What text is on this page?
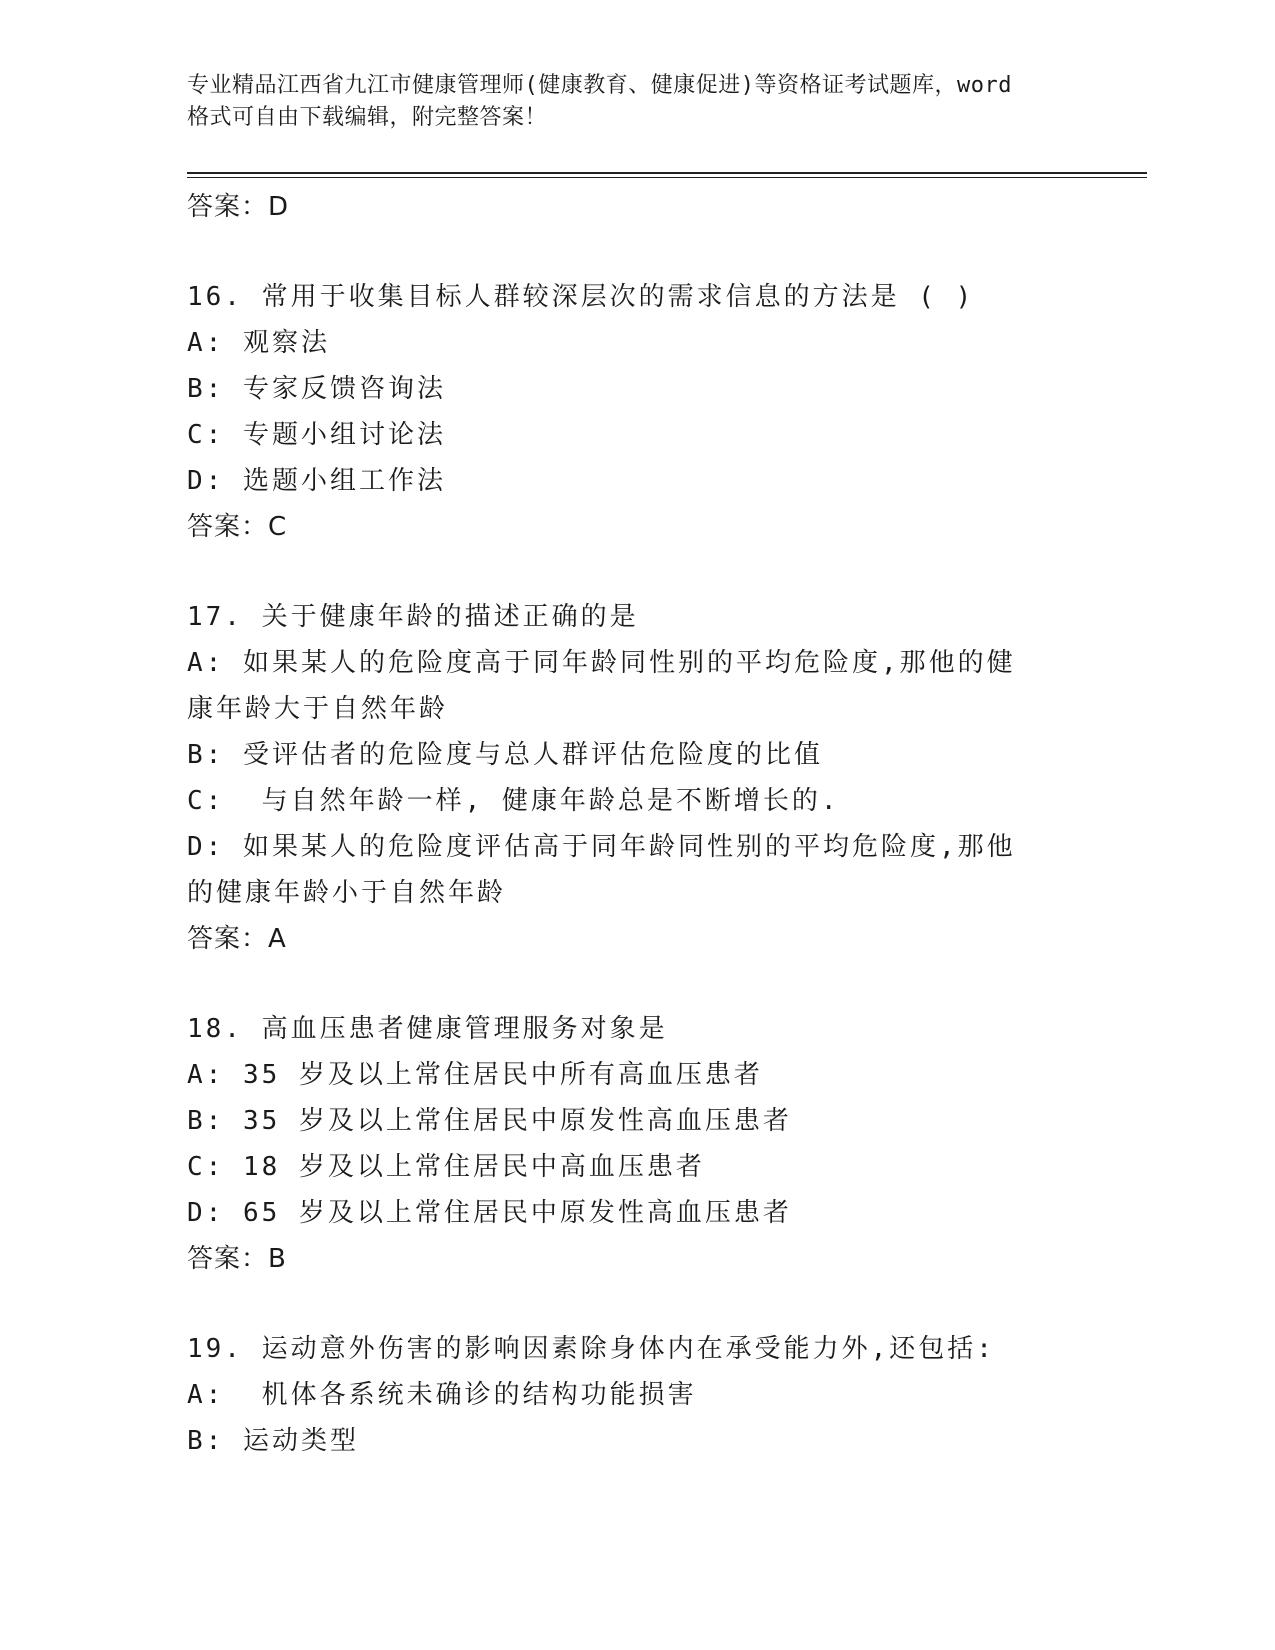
专业精品江西省九江市健康管理师(健康教育、健康促进)等资格证考试题库，word

格式可自由下载编辑，附完整答案！

答案：D

16. 常用于收集目标人群较深层次的需求信息的方法是 ( )

A: 观察法

B: 专家反馈咨询法

C: 专题小组讨论法

D: 选题小组工作法

答案：C

17. 关于健康年龄的描述正确的是

A: 如果某人的危险度高于同年龄同性别的平均危险度,那他的健康年龄大于自然年龄

B: 受评估者的危险度与总人群评估危险度的比值

C:  与自然年龄一样, 健康年龄总是不断增长的.

D: 如果某人的危险度评估高于同年龄同性别的平均危险度,那他的健康年龄小于自然年龄

答案：A

18. 高血压患者健康管理服务对象是

A: 35 岁及以上常住居民中所有高血压患者

B: 35 岁及以上常住居民中原发性高血压患者

C: 18 岁及以上常住居民中高血压患者

D: 65 岁及以上常住居民中原发性高血压患者

答案：B

19. 运动意外伤害的影响因素除身体内在承受能力外,还包括:

A:  机体各系统未确诊的结构功能损害

B: 运动类型
